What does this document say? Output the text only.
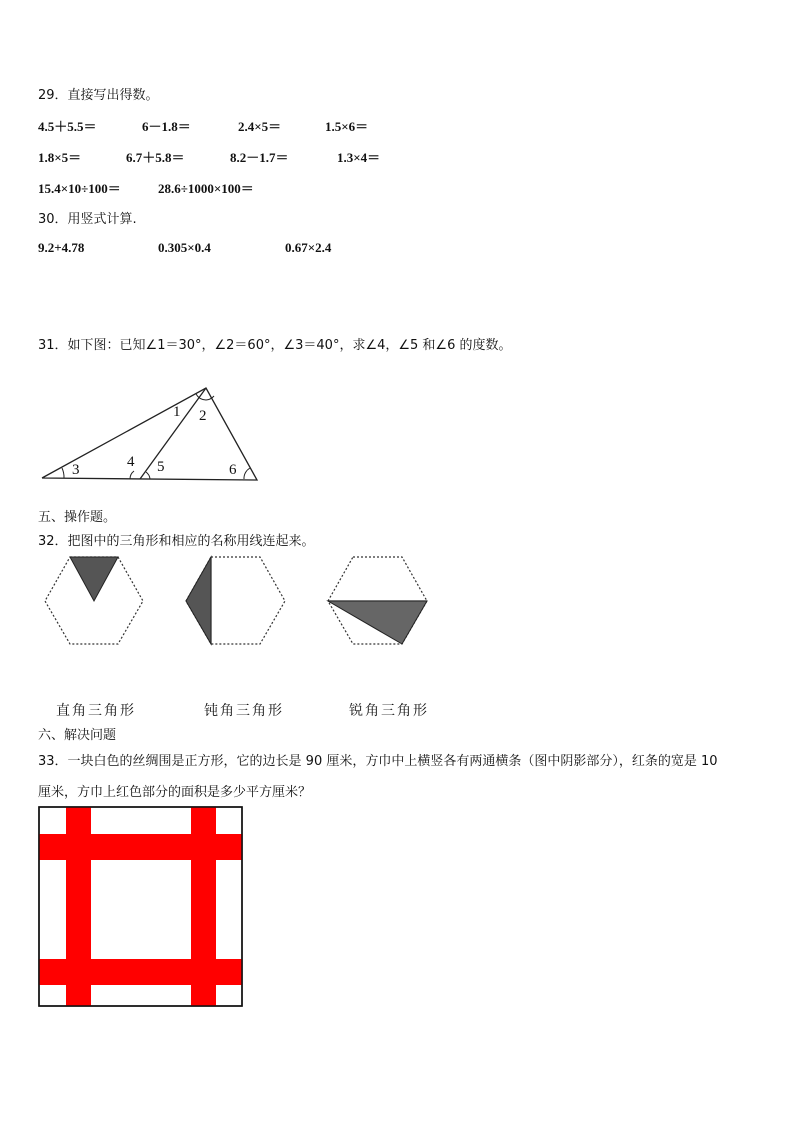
29．直接写出得数。
4.5＋5.5＝	6－1.8＝	2.4×5＝	1.5×6＝
1.8×5＝	6.7＋5.8＝	8.2－1.7＝	1.3×4＝
15.4×10÷100＝	28.6÷1000×100＝
30．用竖式计算.
9.2+4.78	0.305×0.4	0.67×2.4
31．如下图：已知∠1＝30°，∠2＝60°，∠3＝40°，求∠4，∠5 和∠6 的度数。
1 2
3	4 5	6
五、操作题。
32．把图中的三角形和相应的名称用线连起来。
直角三角形	钝角三角形	锐角三角形
六、解决问题
33．一块白色的丝绸围是正方形，它的边长是 90 厘米，方巾中上横竖各有两通横条（图中阴影部分），红条的宽是 10
厘米，方巾上红色部分的面积是多少平方厘米？
